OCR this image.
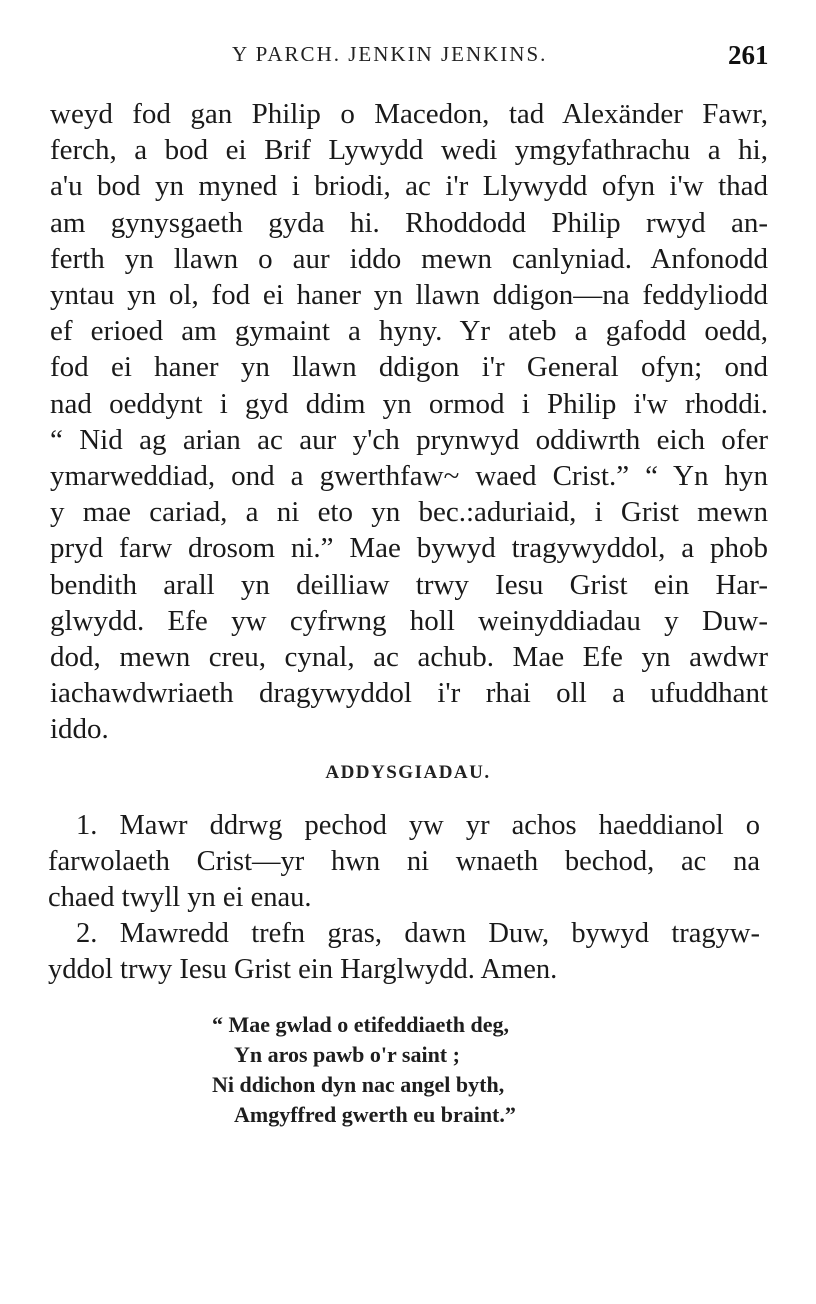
Y PARCH. JENKIN JENKINS.	261
weyd fod gan Philip o Macedon, tad Alexänder Fawr,
ferch, a bod ei Brif Lywydd wedi ymgyfathrachu a hi,
a'u bod yn myned i briodi, ac i'r Llywydd ofyn i'w thad
am gynysgaeth gyda hi. Rhoddodd Philip rwyd an-
ferth yn llawn o aur iddo mewn canlyniad. Anfonodd
yntau yn ol, fod ei haner yn llawn ddigon—na feddyliodd
ef erioed am gymaint a hyny. Yr ateb a gafodd oedd,
fod ei haner yn llawn ddigon i'r General ofyn; ond
nad oeddynt i gyd ddim yn ormod i Philip i'w rhoddi.
“ Nid ag arian ac aur y'ch prynwyd oddiwrth eich ofer
ymarweddiad, ond a gwerthfaw~ waed Crist.” “ Yn hyn
y mae cariad, a ni eto yn bec.:aduriaid, i Grist mewn
pryd farw drosom ni.” Mae bywyd tragywyddol, a phob
bendith arall yn deilliaw trwy Iesu Grist ein Har-
glwydd. Efe yw cyfrwng holl weinyddiadau y Duw-
dod, mewn creu, cynal, ac achub. Mae Efe yn awdwr
iachawdwriaeth dragywyddol i'r rhai oll a ufuddhant
iddo.
ADDYSGIADAU.
1. Mawr ddrwg pechod yw yr achos haeddianol o
farwolaeth Crist—yr hwn ni wnaeth bechod, ac na
chaed twyll yn ei enau.
2. Mawredd trefn gras, dawn Duw, bywyd tragyw-
yddol trwy Iesu Grist ein Harglwydd. Amen.
“ Mae gwlad o etifeddiaeth deg,
Yn aros pawb o'r saint ;
Ni ddichon dyn nac angel byth,
Amgyffred gwerth eu braint.”
